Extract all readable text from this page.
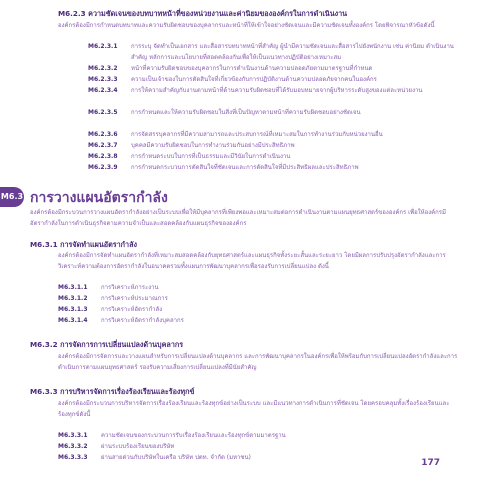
M6.2.3 ความชัดเจนของบทบาทหน้าที่ของหน่วยงานและค่านิยมขององค์กรในการดำเนินงาน
องค์กรต้องมีการกำหนดบทบาทและความรับผิดชอบของบุคลากรและหน้าที่ให้เข้าใจอย่างชัดเจนและมีความชัดเจนทั้งองค์กร โดยพิจารณาหัวข้อดังนี้
M6.2.3.1 การระบุ จัดทำเป็นเอกสาร และสื่อสารบทบาทหน้าที่สำคัญ ผู้นำมีความชัดเจนและสื่อสารไปยังพนักงาน เช่น ค่านิยม ดำเนินงานสำคัญ หลักการและนโยบายที่สอดคล้องกันเพื่อให้เป็นแนวทางปฏิบัติอย่างเหมาะสม
M6.2.3.2 หน้าที่ความรับผิดชอบของบุคลากรในการดำเนินงานด้านความปลอดภัยตามมาตรฐานที่กำหนด
M6.2.3.3 ความเป็นเจ้าของในการตัดสินใจที่เกี่ยวข้องกับการปฏิบัติงานด้านความปลอดภัยจากคนในองค์กร
M6.2.3.4 การให้ความสำคัญกับงานตามหน้าที่ด้านความรับผิดชอบที่ได้รับมอบหมายจากผู้บริหารระดับสูงของแต่ละหน่วยงาน
M6.2.3.5 การกำหนดและให้ความรับผิดชอบในสิ่งที่เป็นปัญหาตามหน้าที่ความรับผิดชอบอย่างชัดเจน
M6.2.3.6 การจัดสรรบุคลากรที่มีความสามารถและประสบการณ์ที่เหมาะสมในการทำงานร่วมกับหน่วยงานอื่น
M6.2.3.7 บุคคลมีความรับผิดชอบในการทำงานร่วมกันอย่างมีประสิทธิภาพ
M6.2.3.8 การกำหนดระบบในการที่เป็นธรรมและมีวินัยในการดำเนินงาน
M6.2.3.9 การกำหนดกระบวนการตัดสินใจที่ชัดเจนและการตัดสินใจที่มีประสิทธิผลและประสิทธิภาพ
M6.3 การวางแผนอัตรากำลัง
องค์กรต้องมีกระบวนการวางแผนอัตรากำลังอย่างเป็นระบบเพื่อให้มีบุคลากรที่เพียงพอและเหมาะสมต่อการดำเนินงานตามแผนยุทธศาสตร์ขององค์กร เพื่อให้องค์กรมีอัตรากำลังในการดำเนินธุรกิจตามความจำเป็นและสอดคล้องกับแผนธุรกิจขององค์กร
M6.3.1 การจัดทำแผนอัตรากำลัง
องค์กรต้องมีการจัดทำแผนอัตรากำลังที่เหมาะสมสอดคล้องกับยุทธศาสตร์และแผนธุรกิจทั้งระยะสั้นและระยะยาว โดยมีผลการปรับปรุงอัตรากำลังและการวิเคราะห์ความต้องการอัตรากำลังในอนาคตรวมทั้งแผนการพัฒนาบุคลากรเพื่อรองรับการเปลี่ยนแปลง ดังนี้
M6.3.1.1 การวิเคราะห์ภาระงาน
M6.3.1.2 การวิเคราะห์ประมาณการ
M6.3.1.3 การวิเคราะห์อัตรากำลัง
M6.3.1.4 การวิเคราะห์อัตรากำลังบุคลากร
M6.3.2 การจัดการการเปลี่ยนแปลงด้านบุคลากร
องค์กรต้องมีการจัดการและวางแผนสำหรับการเปลี่ยนแปลงด้านบุคลากร และการพัฒนาบุคลากรในองค์กรเพื่อให้พร้อมกับการเปลี่ยนแปลงอัตรากำลังและการดำเนินการตามแผนยุทธศาสตร์ รองรับความเสี่ยงการเปลี่ยนแปลงที่มีนัยสำคัญ
M6.3.3 การบริหารจัดการเรื่องร้องเรียนและร้องทุกข์
องค์กรต้องมีกระบวนการบริหารจัดการเรื่องร้องเรียนและร้องทุกข์อย่างเป็นระบบ และมีแนวทางการดำเนินการที่ชัดเจน โดยครอบคลุมทั้งเรื่องร้องเรียนและร้องทุกข์ดังนี้
M6.3.3.1 ความชัดเจนของกระบวนการรับเรื่องร้องเรียนและร้องทุกข์ตามมาตรฐาน
M6.3.3.2 ผ่านระบบร้องเรียนของบริษัท
M6.3.3.3 ผ่านสายด่วนกับบริษัทในเครือ บริษัท ปตท. จำกัด (มหาชน)
177
